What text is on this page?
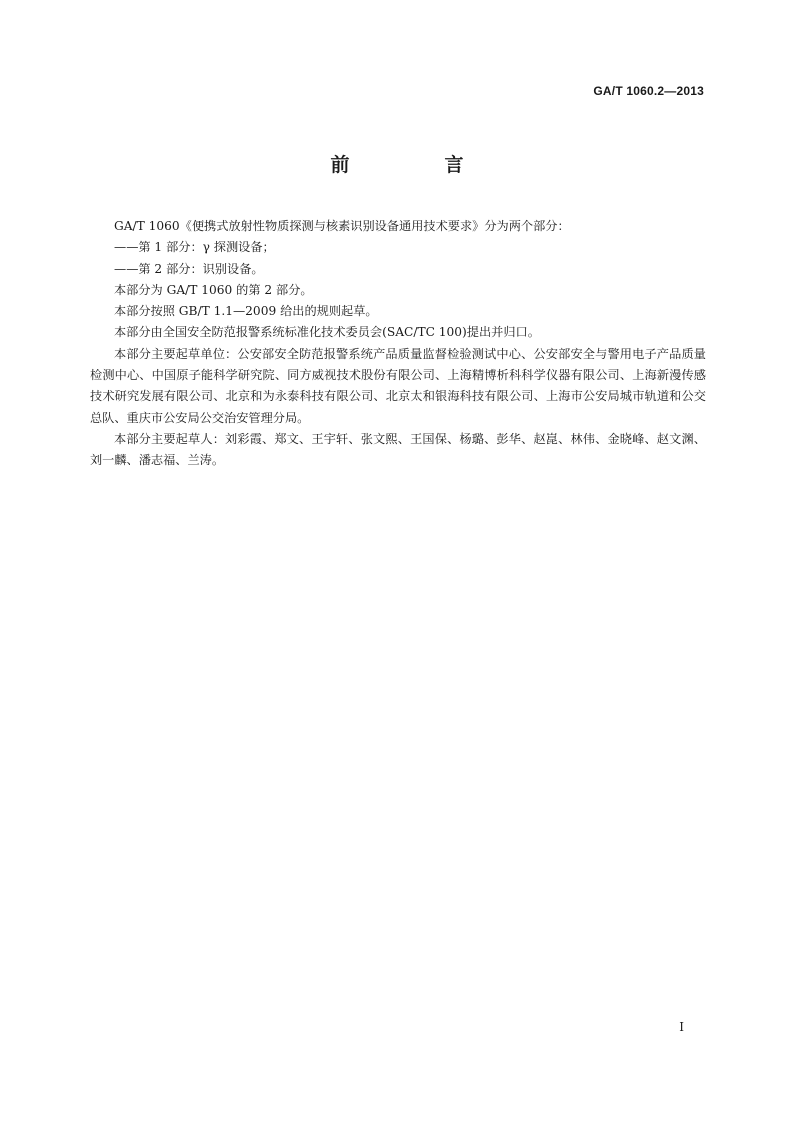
GA/T 1060.2—2013
前　言

GA/T 1060《便携式放射性物质探测与核素识别设备通用技术要求》分为两个部分：

——第 1 部分：γ 探测设备；

——第 2 部分：识别设备。

本部分为 GA/T 1060 的第 2 部分。

本部分按照 GB/T 1.1—2009 给出的规则起草。

本部分由全国安全防范报警系统标准化技术委员会(SAC/TC 100)提出并归口。

本部分主要起草单位：公安部安全防范报警系统产品质量监督检验测试中心、公安部安全与警用电子产品质量检测中心、中国原子能科学研究院、同方威视技术股份有限公司、上海精博析科科学仪器有限公司、上海新漫传感技术研究发展有限公司、北京和为永泰科技有限公司、北京太和银海科技有限公司、上海市公安局城市轨道和公交总队、重庆市公安局公交治安管理分局。

本部分主要起草人：刘彩霞、郑文、王宇轩、张文熙、王国保、杨璐、彭华、赵崑、林伟、金晓峰、赵文渊、刘一麟、潘志福、兰涛。

I
